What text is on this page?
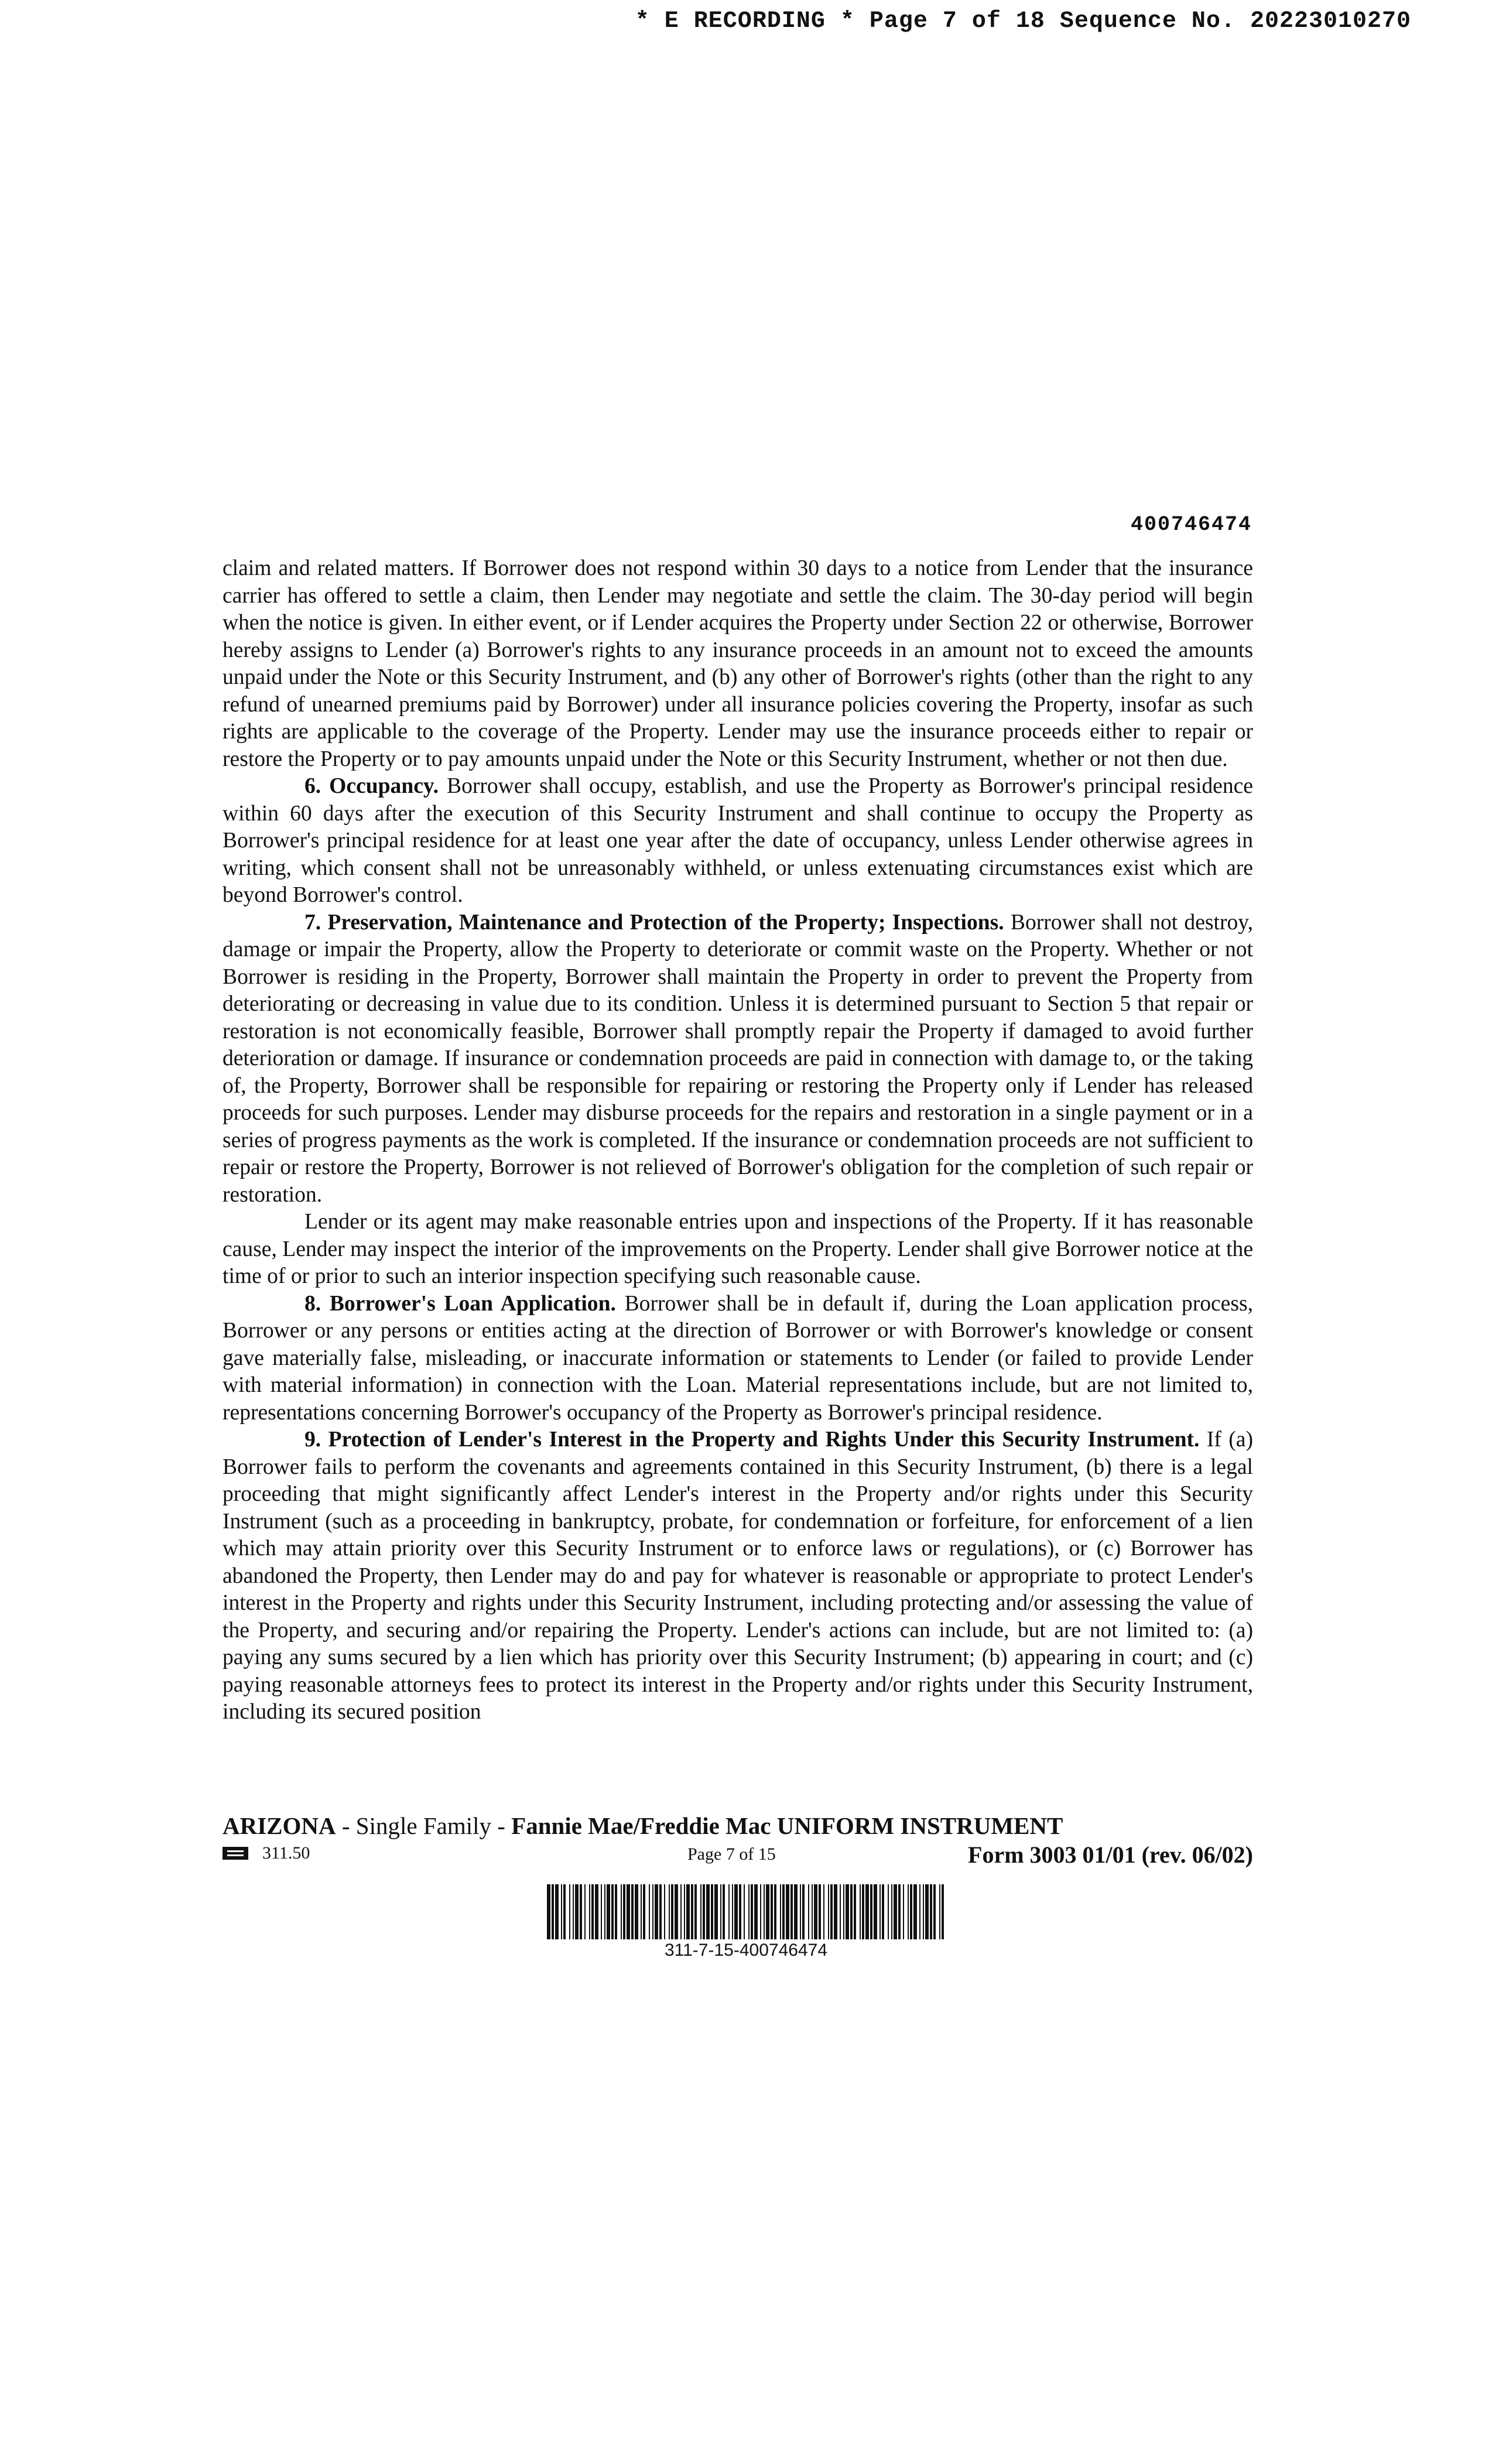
* E RECORDING * Page 7 of 18 Sequence No. 20223010270
400746474

claim and related matters. If Borrower does not respond within 30 days to a notice from Lender that the insurance carrier has offered to settle a claim, then Lender may negotiate and settle the claim. The 30-day period will begin when the notice is given. In either event, or if Lender acquires the Property under Section 22 or otherwise, Borrower hereby assigns to Lender (a) Borrower's rights to any insurance proceeds in an amount not to exceed the amounts unpaid under the Note or this Security Instrument, and (b) any other of Borrower's rights (other than the right to any refund of unearned premiums paid by Borrower) under all insurance policies covering the Property, insofar as such rights are applicable to the coverage of the Property. Lender may use the insurance proceeds either to repair or restore the Property or to pay amounts unpaid under the Note or this Security Instrument, whether or not then due.

6. Occupancy. Borrower shall occupy, establish, and use the Property as Borrower's principal residence within 60 days after the execution of this Security Instrument and shall continue to occupy the Property as Borrower's principal residence for at least one year after the date of occupancy, unless Lender otherwise agrees in writing, which consent shall not be unreasonably withheld, or unless extenuating circumstances exist which are beyond Borrower's control.

7. Preservation, Maintenance and Protection of the Property; Inspections. Borrower shall not destroy, damage or impair the Property, allow the Property to deteriorate or commit waste on the Property. Whether or not Borrower is residing in the Property, Borrower shall maintain the Property in order to prevent the Property from deteriorating or decreasing in value due to its condition. Unless it is determined pursuant to Section 5 that repair or restoration is not economically feasible, Borrower shall promptly repair the Property if damaged to avoid further deterioration or damage. If insurance or condemnation proceeds are paid in connection with damage to, or the taking of, the Property, Borrower shall be responsible for repairing or restoring the Property only if Lender has released proceeds for such purposes. Lender may disburse proceeds for the repairs and restoration in a single payment or in a series of progress payments as the work is completed. If the insurance or condemnation proceeds are not sufficient to repair or restore the Property, Borrower is not relieved of Borrower's obligation for the completion of such repair or restoration.

Lender or its agent may make reasonable entries upon and inspections of the Property. If it has reasonable cause, Lender may inspect the interior of the improvements on the Property. Lender shall give Borrower notice at the time of or prior to such an interior inspection specifying such reasonable cause.

8. Borrower's Loan Application. Borrower shall be in default if, during the Loan application process, Borrower or any persons or entities acting at the direction of Borrower or with Borrower's knowledge or consent gave materially false, misleading, or inaccurate information or statements to Lender (or failed to provide Lender with material information) in connection with the Loan. Material representations include, but are not limited to, representations concerning Borrower's occupancy of the Property as Borrower's principal residence.

9. Protection of Lender's Interest in the Property and Rights Under this Security Instrument. If (a) Borrower fails to perform the covenants and agreements contained in this Security Instrument, (b) there is a legal proceeding that might significantly affect Lender's interest in the Property and/or rights under this Security Instrument (such as a proceeding in bankruptcy, probate, for condemnation or forfeiture, for enforcement of a lien which may attain priority over this Security Instrument or to enforce laws or regulations), or (c) Borrower has abandoned the Property, then Lender may do and pay for whatever is reasonable or appropriate to protect Lender's interest in the Property and rights under this Security Instrument, including protecting and/or assessing the value of the Property, and securing and/or repairing the Property. Lender's actions can include, but are not limited to: (a) paying any sums secured by a lien which has priority over this Security Instrument; (b) appearing in court; and (c) paying reasonable attorneys fees to protect its interest in the Property and/or rights under this Security Instrument, including its secured position

ARIZONA - Single Family - Fannie Mae/Freddie Mac UNIFORM INSTRUMENT
311.50	Page 7 of 15	Form 3003 01/01 (rev. 06/02)
311-7-15-400746474
